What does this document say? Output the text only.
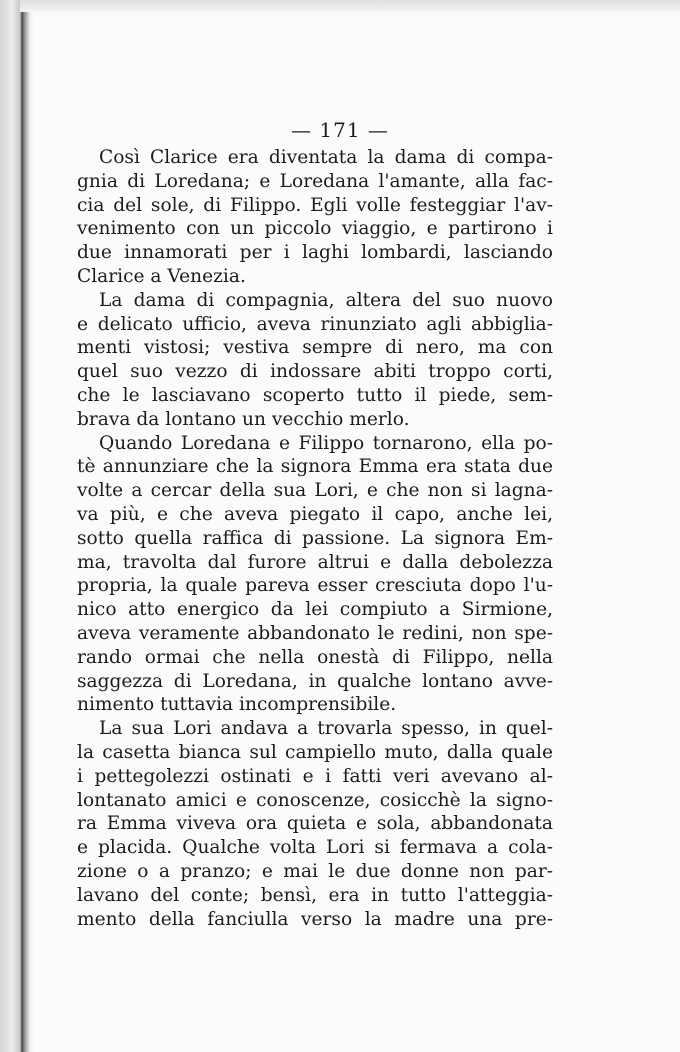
— 171 —
Così Clarice era diventata la dama di compa-
gnia di Loredana; e Loredana l'amante, alla fac-
cia del sole, di Filippo. Egli volle festeggiar l'av-
venimento con un piccolo viaggio, e partirono i
due innamorati per i laghi lombardi, lasciando
Clarice a Venezia.
La dama di compagnia, altera del suo nuovo
e delicato ufficio, aveva rinunziato agli abbiglia-
menti vistosi; vestiva sempre di nero, ma con
quel suo vezzo di indossare abiti troppo corti,
che le lasciavano scoperto tutto il piede, sem-
brava da lontano un vecchio merlo.
Quando Loredana e Filippo tornarono, ella po-
tè annunziare che la signora Emma era stata due
volte a cercar della sua Lori, e che non si lagna-
va più, e che aveva piegato il capo, anche lei,
sotto quella raffica di passione. La signora Em-
ma, travolta dal furore altrui e dalla debolezza
propria, la quale pareva esser cresciuta dopo l'u-
nico atto energico da lei compiuto a Sirmione,
aveva veramente abbandonato le redini, non spe-
rando ormai che nella onestà di Filippo, nella
saggezza di Loredana, in qualche lontano avve-
nimento tuttavia incomprensibile.
La sua Lori andava a trovarla spesso, in quel-
la casetta bianca sul campiello muto, dalla quale
i pettegolezzi ostinati e i fatti veri avevano al-
lontanato amici e conoscenze, cosicchè la signo-
ra Emma viveva ora quieta e sola, abbandonata
e placida. Qualche volta Lori si fermava a cola-
zione o a pranzo; e mai le due donne non par-
lavano del conte; bensì, era in tutto l'atteggia-
mento della fanciulla verso la madre una pre-
